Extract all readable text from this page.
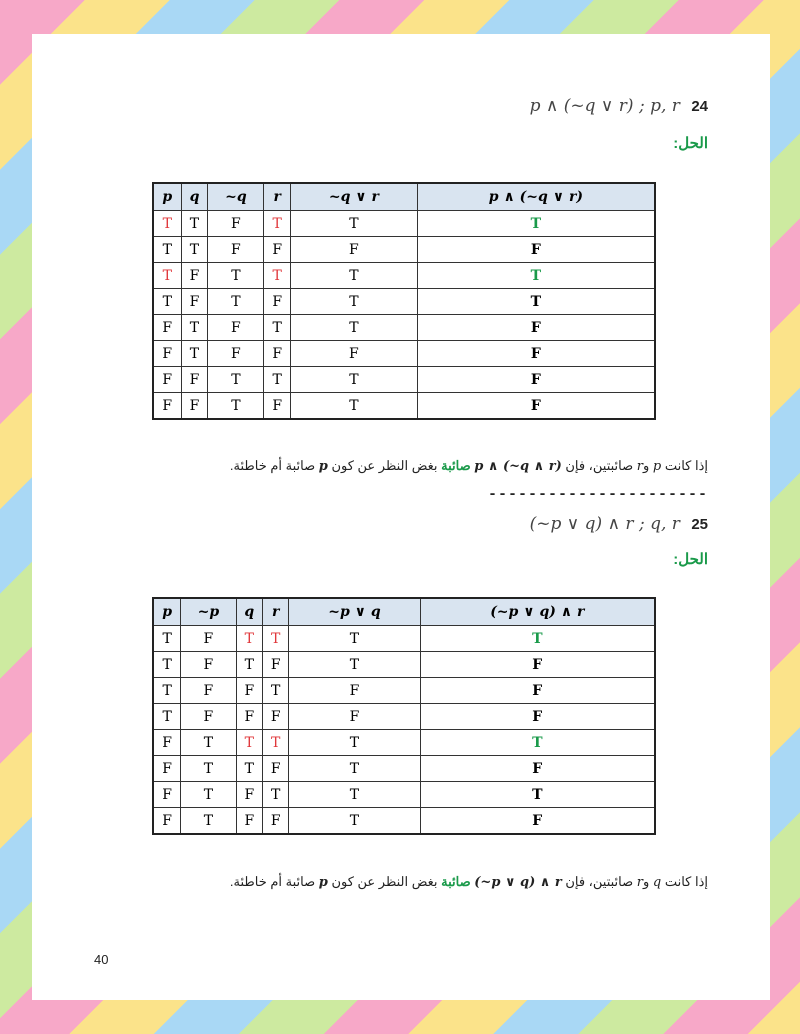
24 p ∧ (~q ∨ r) ; p, r
الحل:
p	q	~q	r	~q ∨ r	p ∧ (~q ∨ r)
T	T	F	T	T	T
T	T	F	F	F	F
T	F	T	T	T	T
T	F	T	F	T	T
F	T	F	T	T	F
F	T	F	F	F	F
F	F	T	T	T	F
F	F	T	F	T	F
إذا كانت p وr صائبتين، فإن p ∧ (~q ∧ r) صائبة بغض النظر عن كون p صائبة أم خاطئة.
----------------------
25 (~p ∨ q) ∧ r ; q, r
الحل:
p	~p	q	r	~p ∨ q	(~p ∨ q) ∧ r
T	F	T	T	T	T
T	F	T	F	T	F
T	F	F	T	F	F
T	F	F	F	F	F
F	T	T	T	T	T
F	T	T	F	T	F
F	T	F	T	T	T
F	T	F	F	T	F
إذا كانت q وr صائبتين، فإن (~p ∨ q) ∧ r صائبة بغض النظر عن كون p صائبة أم خاطئة.
40
